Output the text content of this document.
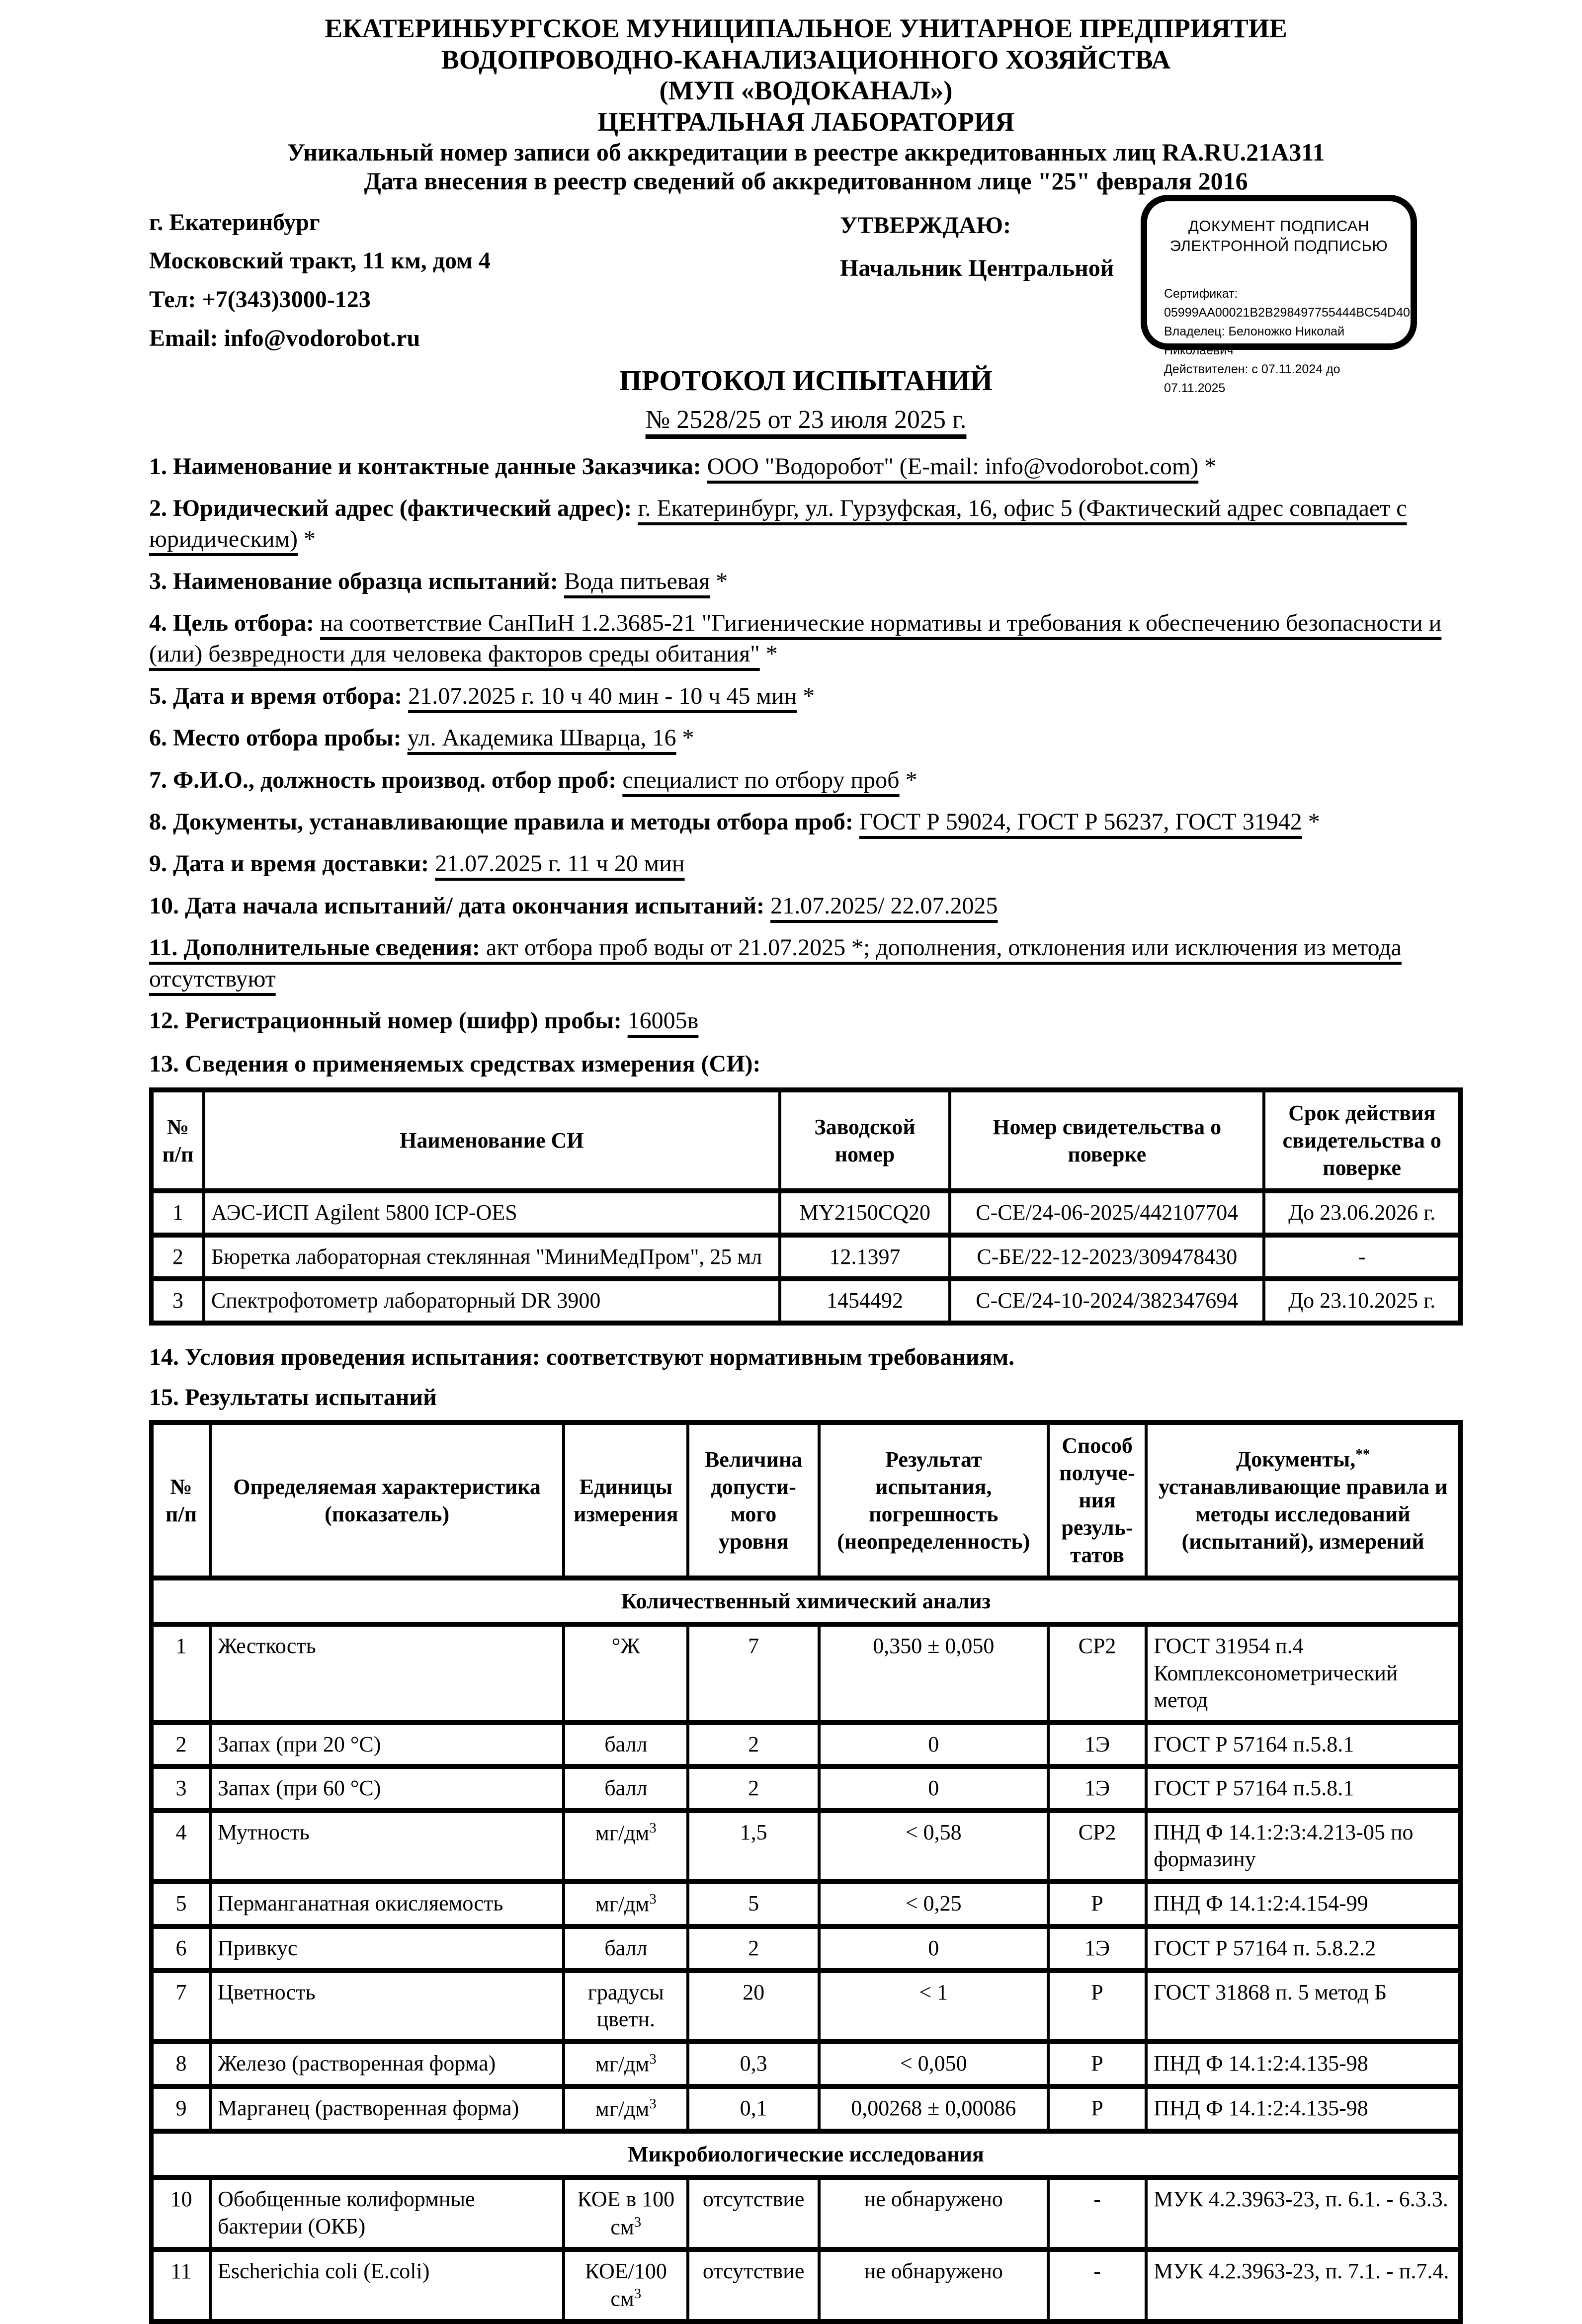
ЕКАТЕРИНБУРГСКОЕ МУНИЦИПАЛЬНОЕ УНИТАРНОЕ ПРЕДПРИЯТИЕ
ВОДОПРОВОДНО-КАНАЛИЗАЦИОННОГО ХОЗЯЙСТВА
(МУП «ВОДОКАНАЛ»)
ЦЕНТРАЛЬНАЯ ЛАБОРАТОРИЯ
Уникальный номер записи об аккредитации в реестре аккредитованных лиц RA.RU.21А311
Дата внесения в реестр сведений об аккредитованном лице "25" февраля 2016
г. Екатеринбург
Московский тракт, 11 км, дом 4
Тел: +7(343)3000-123
Email: info@vodorobot.ru
УТВЕРЖДАЮ:
Начальник Центральной
ДОКУМЕНТ ПОДПИСАН
ЭЛЕКТРОННОЙ ПОДПИСЬЮ
Сертификат: 05999AA00021B2B298497755444BC54D40
Владелец: Белоножко Николай Николаевич
Действителен: с 07.11.2024 до 07.11.2025
ПРОТОКОЛ ИСПЫТАНИЙ
№ 2528/25 от 23 июля 2025 г.
1. Наименование и контактные данные Заказчика: ООО "Водоробот" (E-mail: info@vodorobot.com) *
2. Юридический адрес (фактический адрес): г. Екатеринбург, ул. Гурзуфская, 16, офис 5 (Фактический адрес совпадает с юридическим) *
3. Наименование образца испытаний: Вода питьевая *
4. Цель отбора: на соответствие СанПиН 1.2.3685-21 "Гигиенические нормативы и требования к обеспечению безопасности и (или) безвредности для человека факторов среды обитания" *
5. Дата и время отбора: 21.07.2025 г. 10 ч 40 мин - 10 ч 45 мин *
6. Место отбора пробы: ул. Академика Шварца, 16 *
7. Ф.И.О., должность производ. отбор проб: специалист по отбору проб *
8. Документы, устанавливающие правила и методы отбора проб: ГОСТ Р 59024, ГОСТ Р 56237, ГОСТ 31942 *
9. Дата и время доставки: 21.07.2025 г. 11 ч 20 мин
10. Дата начала испытаний/ дата окончания испытаний: 21.07.2025/ 22.07.2025
11. Дополнительные сведения: акт отбора проб воды от 21.07.2025 *; дополнения, отклонения или исключения из метода отсутствуют
12. Регистрационный номер (шифр) пробы: 16005в
13. Сведения о применяемых средствах измерения (СИ):
№ п/п	Наименование СИ	Заводской номер	Номер свидетельства о поверке	Срок действия свидетельства о поверке
1	АЭС-ИСП Agilent 5800 ICP-OES	MY2150CQ20	С-СЕ/24-06-2025/442107704	До 23.06.2026 г.
2	Бюретка лабораторная стеклянная "МиниМедПром", 25 мл	12.1397	С-БЕ/22-12-2023/309478430	-
3	Спектрофотометр лабораторный DR 3900	1454492	С-СЕ/24-10-2024/382347694	До 23.10.2025 г.
14. Условия проведения испытания: соответствуют нормативным требованиям.
15. Результаты испытаний
№ п/п	Определяемая характеристика (показатель)	Единицы измерения	Величина допусти-мого уровня	Результат испытания, погрешность (неопределенность)	Способ получе-ния резуль-татов	Документы,** устанавливающие правила и методы исследований (испытаний), измерений
Количественный химический анализ						
1	Жесткость	°Ж	7	0,350 ± 0,050	СР2	ГОСТ 31954 п.4 Комплексонометрический метод
2	Запах (при 20 °С)	балл	2	0	1Э	ГОСТ Р 57164 п.5.8.1
3	Запах (при 60 °С)	балл	2	0	1Э	ГОСТ Р 57164 п.5.8.1
4	Мутность	$мг/дм^3$	1,5	< 0,58	СР2	ПНД Ф 14.1:2:3:4.213-05 по формазину
5	Перманганатная окисляемость	$мг/дм^3$	5	< 0,25	Р	ПНД Ф 14.1:2:4.154-99
6	Привкус	балл	2	0	1Э	ГОСТ Р 57164 п. 5.8.2.2
7	Цветность	градусы цветн.	20	< 1	Р	ГОСТ 31868 п. 5 метод Б
8	Железо (растворенная форма)	$мг/дм^3$	0,3	< 0,050	Р	ПНД Ф 14.1:2:4.135-98
9	Марганец (растворенная форма)	$мг/дм^3$	0,1	0,00268 ± 0,00086	Р	ПНД Ф 14.1:2:4.135-98
Микробиологические исследования						
10	Обобщенные колиформные бактерии (ОКБ)	КОЕ в 100 $см^3$	отсутствие	не обнаружено	-	МУК 4.2.3963-23, п. 6.1. - 6.3.3.
11	Escherichia coli (E.coli)	КОЕ/100 $см^3$	отсутствие	не обнаружено	-	МУК 4.2.3963-23, п. 7.1. - п.7.4.
